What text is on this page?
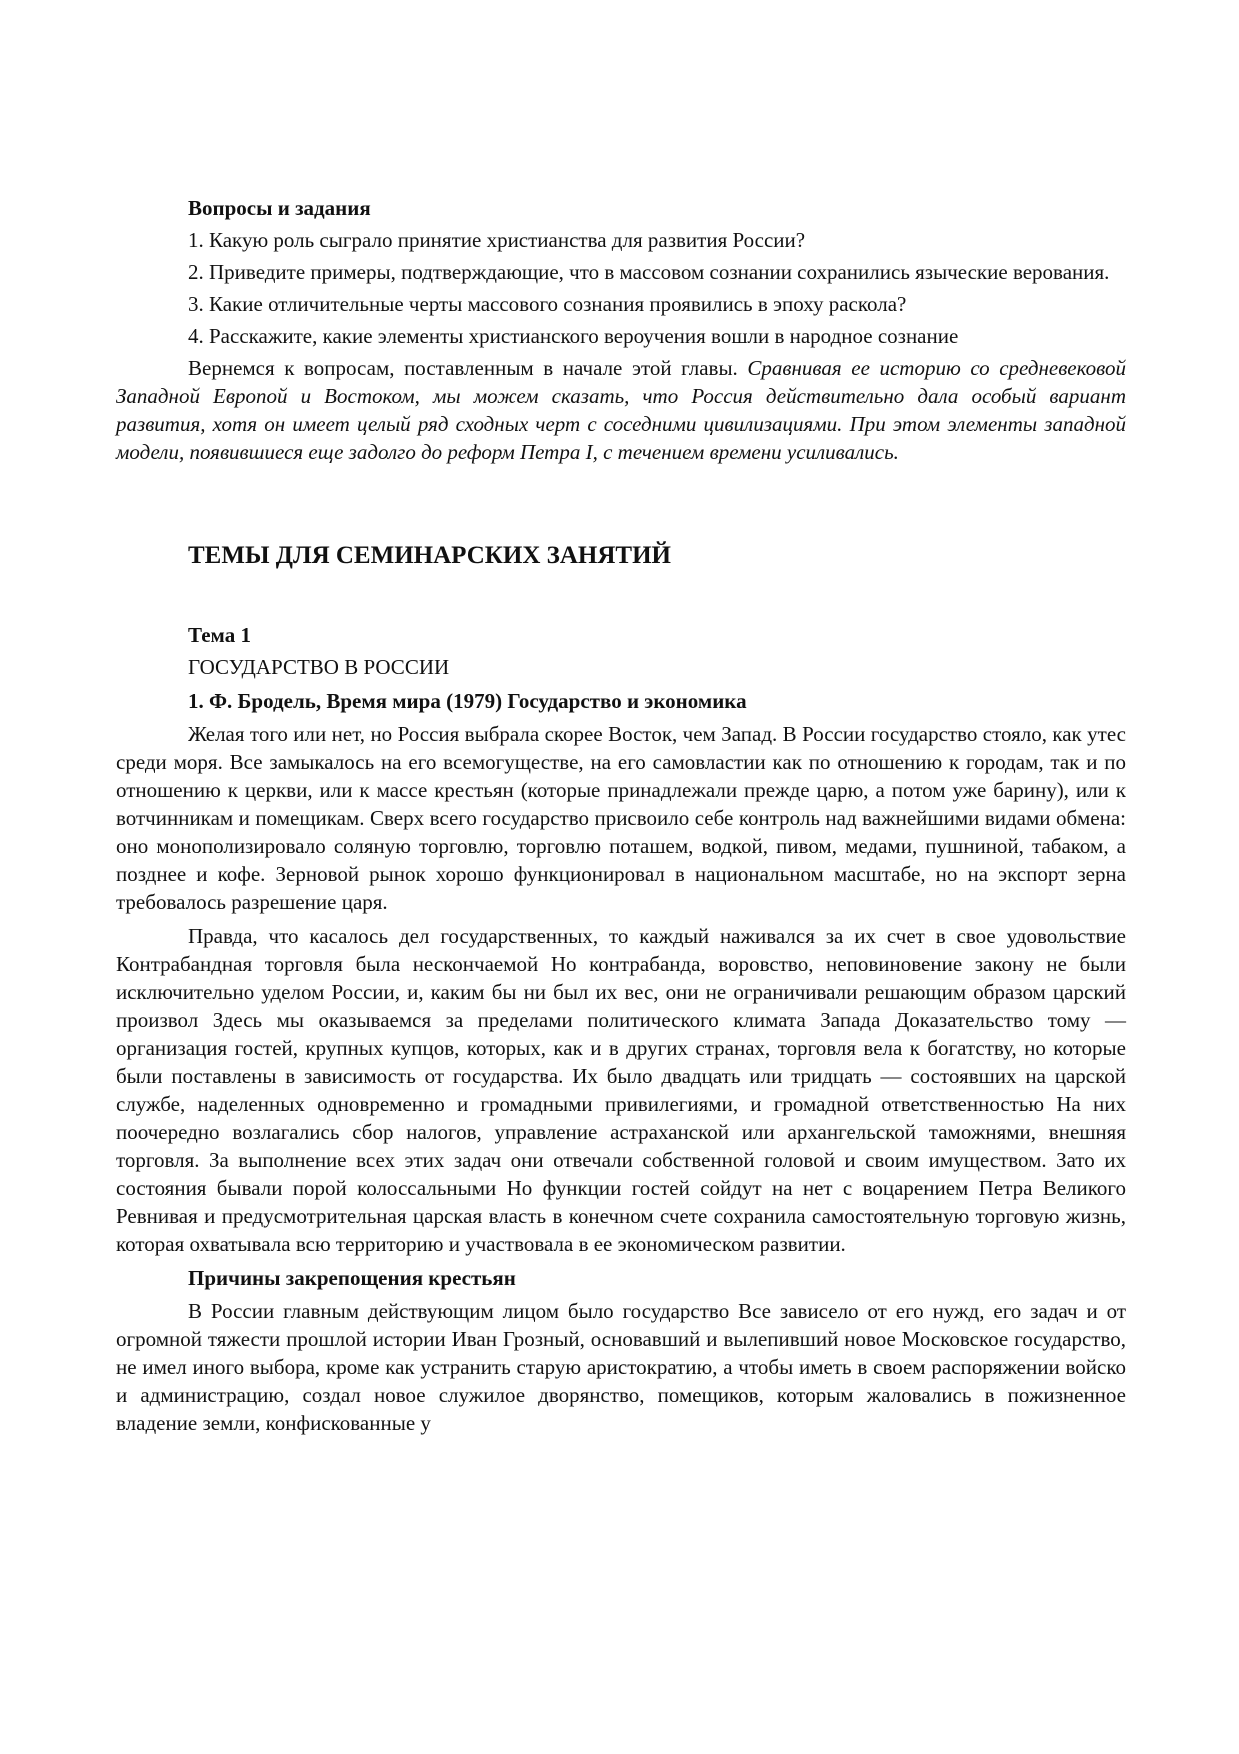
Вопросы и задания

1. Какую роль сыграло принятие христианства для развития России?

2. Приведите примеры, подтверждающие, что в массовом сознании сохранились языческие верования.

3. Какие отличительные черты массового сознания проявились в эпоху раскола?

4. Расскажите, какие элементы христианского вероучения вошли в народное сознание

Вернемся к вопросам, поставленным в начале этой главы. Сравнивая ее историю со средневековой Западной Европой и Востоком, мы можем сказать, что Россия действительно дала особый вариант развития, хотя он имеет целый ряд сходных черт с соседними цивилизациями. При этом элементы западной модели, появившиеся еще задолго до реформ Петра I, с течением времени усиливались.

ТЕМЫ ДЛЯ СЕМИНАРСКИХ ЗАНЯТИЙ

Тема 1

ГОСУДАРСТВО В РОССИИ

1. Ф. Бродель, Время мира (1979) Государство и экономика

Желая того или нет, но Россия выбрала скорее Восток, чем Запад. В России государство стояло, как утес среди моря. Все замыкалось на его всемогуществе, на его самовластии как по отношению к городам, так и по отношению к церкви, или к массе крестьян (которые принадлежали прежде царю, а потом уже барину), или к вотчинникам и помещикам. Сверх всего государство присвоило себе контроль над важнейшими видами обмена: оно монополизировало соляную торговлю, торговлю поташем, водкой, пивом, медами, пушниной, табаком, а позднее и кофе. Зерновой рынок хорошо функционировал в национальном масштабе, но на экспорт зерна требовалось разрешение царя.

Правда, что касалось дел государственных, то каждый наживался за их счет в свое удовольствие Контрабандная торговля была нескончаемой Но контрабанда, воровство, неповиновение закону не были исключительно уделом России, и, каким бы ни был их вес, они не ограничивали решающим образом царский произвол Здесь мы оказываемся за пределами политического климата Запада Доказательство тому — организация гостей, крупных купцов, которых, как и в других странах, торговля вела к богатству, но которые были поставлены в зависимость от государства. Их было двадцать или тридцать — состоявших на царской службе, наделенных одновременно и громадными привилегиями, и громадной ответственностью На них поочередно возлагались сбор налогов, управление астраханской или архангельской таможнями, внешняя торговля. За выполнение всех этих задач они отвечали собственной головой и своим имуществом. Зато их состояния бывали порой колоссальными Но функции гостей сойдут на нет с воцарением Петра Великого Ревнивая и предусмотрительная царская власть в конечном счете сохранила самостоятельную торговую жизнь, которая охватывала всю территорию и участвовала в ее экономическом развитии.

Причины закрепощения крестьян

В России главным действующим лицом было государство Все зависело от его нужд, его задач и от огромной тяжести прошлой истории Иван Грозный, основавший и вылепивший новое Московское государство, не имел иного выбора, кроме как устранить старую аристократию, а чтобы иметь в своем распоряжении войско и администрацию, создал новое служилое дворянство, помещиков, которым жаловались в пожизненное владение земли, конфискованные у
